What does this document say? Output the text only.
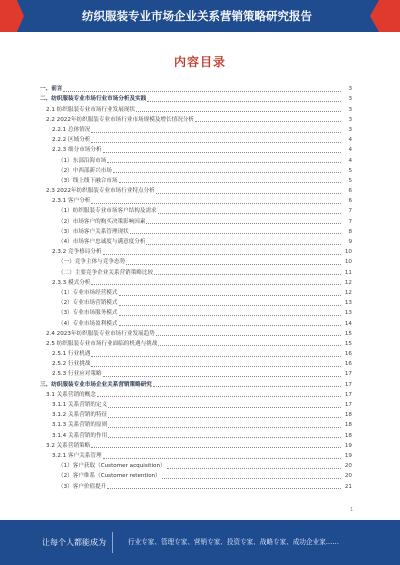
纺织服装专业市场企业关系营销策略研究报告
内容目录
一、前言	3
二、纺织服装专业市场行业市场分析及实践	3
2.1 纺织服装专业市场行业发展现状	3
2.2 2022年纺织服装专业市场行业市场规模及增长情况分析	3
2.2.1 总体情况	3
2.2.2 区域分析	4
2.2.3 细分市场分析	4
（1）东部沿海市场	4
（2）中西部新兴市场	5
（3）线上线下融合市场	5
2.3 2022年纺织服装专业市场行业特点分析	6
2.3.1 客户分析	6
（1）纺织服装专业市场客户结构及需求	7
（2）市场客户的购买决策影响因素	7
（3）市场客户关系管理现状	8
（4）市场客户忠诚度与满意度分析	9
2.3.2 竞争格局分析	10
（一）竞争主体与竞争态势	10
（二）主要竞争企业关系营销策略比较	11
2.3.3 模式分析	12
（1）专业市场经营模式	12
（2）专业市场营销模式	13
（3）专业市场服务模式	13
（4）专业市场盈利模式	14
2.4 2023年纺织服装专业市场行业发展趋势	15
2.5 纺织服装专业市场行业面临的机遇与挑战	15
2.5.1 行业机遇	16
2.5.2 行业挑战	16
2.5.3 行业应对策略	17
三、纺织服装专业市场企业关系营销策略研究	17
3.1 关系营销的概念	17
3.1.1 关系营销的定义	17
3.1.2 关系营销的特征	18
3.1.3 关系营销的原则	18
3.1.4 关系营销的作用	18
3.2 关系营销策略	19
3.2.1 客户关系管理	19
（1）客户获取（Customer acquisition）	20
（2）客户维系（Customer retention）	20
（3）客户价值提升	21
1
让每个人都能成为	行业专家、管理专家、营销专家、投资专家、战略专家、成功企业家……
